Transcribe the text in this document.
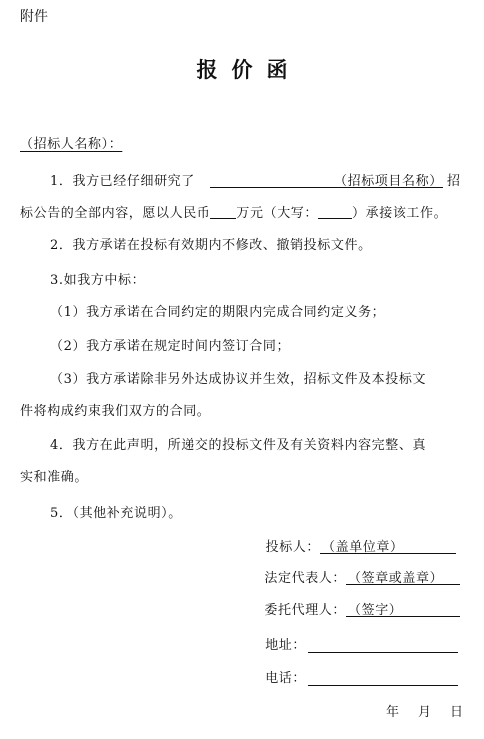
附件
报价函
（招标人名称）：
1．我方已经仔细研究了	（招标项目名称） 招
标公告的全部内容，愿以人民币 万元（大写：	）承接该工作。
2．我方承诺在投标有效期内不修改、撤销投标文件。
3.如我方中标：
（1）我方承诺在合同约定的期限内完成合同约定义务；
（2）我方承诺在规定时间内签订合同；
（3）我方承诺除非另外达成协议并生效，招标文件及本投标文
件将构成约束我们双方的合同。
4．我方在此声明，所递交的投标文件及有关资料内容完整、真
实和准确。
5．（其他补充说明）。
投标人： （盖单位章）
法定代表人： （签章或盖章）
委托代理人： （签字）
地址：
电话：
年 月 日
